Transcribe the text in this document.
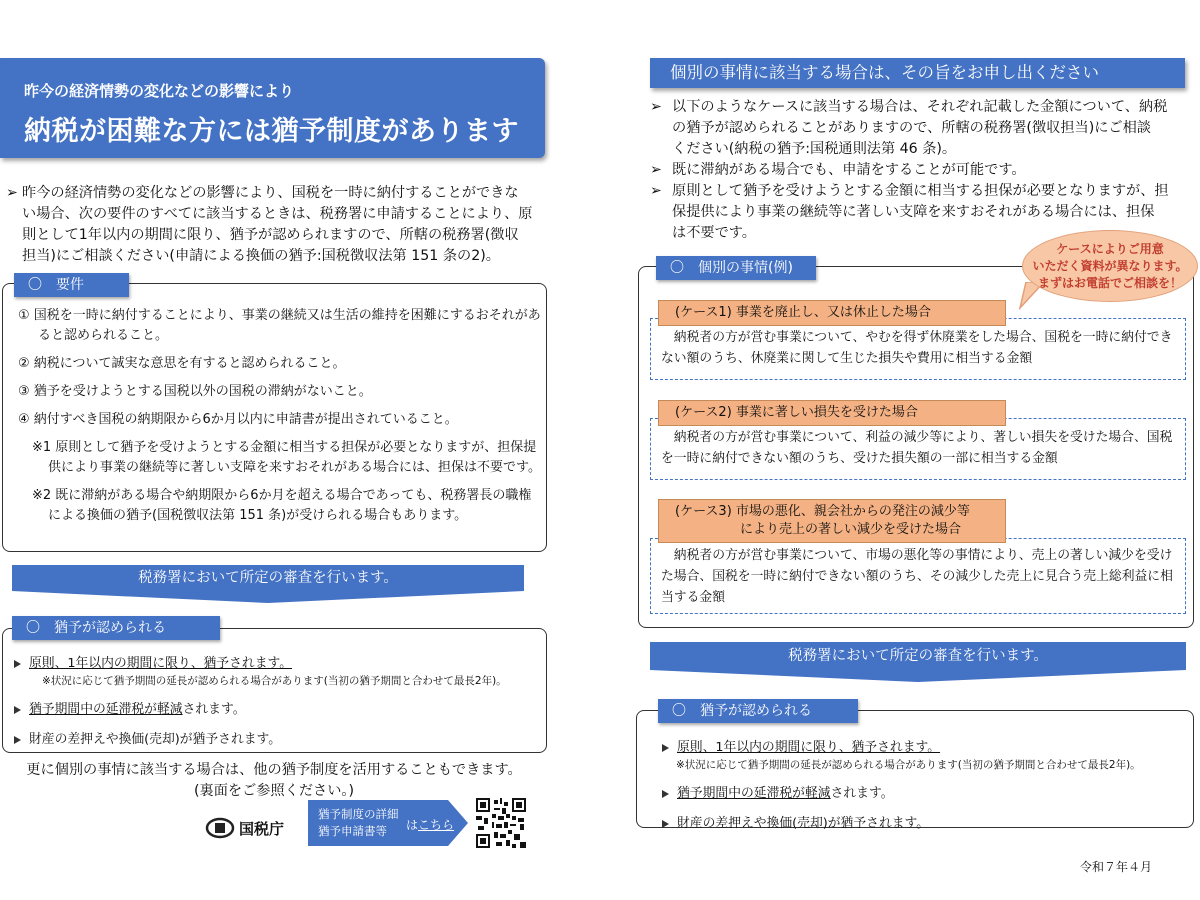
昨今の経済情勢の変化などの影響により
納税が困難な方には猶予制度があります
➢ 昨今の経済情勢の変化などの影響により、国税を一時に納付することができな
い場合、次の要件のすべてに該当するときは、税務署に申請することにより、原
則として1年以内の期間に限り、猶予が認められますので、所轄の税務署(徴収
担当)にご相談ください(申請による換価の猶予:国税徴収法第 151 条の2)。
〇　要件
① 国税を一時に納付することにより、事業の継続又は生活の維持を困難にするおそれがあ
ると認められること。
② 納税について誠実な意思を有すると認められること。
③ 猶予を受けようとする国税以外の国税の滞納がないこと。
④ 納付すべき国税の納期限から6か月以内に申請書が提出されていること。
※1 原則として猶予を受けようとする金額に相当する担保が必要となりますが、担保提
供により事業の継続等に著しい支障を来すおそれがある場合には、担保は不要です。
※2 既に滞納がある場合や納期限から6か月を超える場合であっても、税務署長の職権
による換価の猶予(国税徴収法第 151 条)が受けられる場合もあります。
税務署において所定の審査を行います。
〇　猶予が認められると・・・
原則、1年以内の期間に限り、猶予されます。
※状況に応じて猶予期間の延長が認められる場合があります(当初の猶予期間と合わせて最長2年)。
猶予期間中の延滞税が軽減されます。
財産の差押えや換価(売却)が猶予されます。
更に個別の事情に該当する場合は、他の猶予制度を活用することもできます。
(裏面をご参照ください。)
国税庁
猶予制度の詳細
猶予申請書等	はこちら
個別の事情に該当する場合は、その旨をお申し出ください
➢ 以下のようなケースに該当する場合は、それぞれ記載した金額について、納税
の猶予が認められることがありますので、所轄の税務署(徴収担当)にご相談
ください(納税の猶予:国税通則法第 46 条)。
➢ 既に滞納がある場合でも、申請をすることが可能です。
➢ 原則として猶予を受けようとする金額に相当する担保が必要となりますが、担
保提供により事業の継続等に著しい支障を来すおそれがある場合には、担保
は不要です。
〇　個別の事情(例)
ケースによりご用意
いただく資料が異なります。
まずはお電話でご相談を！
　納税者の方が営む事業について、やむを得ず休廃業をした場合、国税を一時に納付でき
ない額のうち、休廃業に関して生じた損失や費用に相当する金額
(ケース1) 事業を廃止し、又は休止した場合
　納税者の方が営む事業について、利益の減少等により、著しい損失を受けた場合、国税
を一時に納付できない額のうち、受けた損失額の一部に相当する金額
(ケース2) 事業に著しい損失を受けた場合
　納税者の方が営む事業について、市場の悪化等の事情により、売上の著しい減少を受け
た場合、国税を一時に納付できない額のうち、その減少した売上に見合う売上総利益に相
当する金額
(ケース3) 市場の悪化、親会社からの発注の減少等
　　　　　により売上の著しい減少を受けた場合
税務署において所定の審査を行います。
〇　猶予が認められると・・・
原則、1年以内の期間に限り、猶予されます。
※状況に応じて猶予期間の延長が認められる場合があります(当初の猶予期間と合わせて最長2年)。
猶予期間中の延滞税が軽減されます。
財産の差押えや換価(売却)が猶予されます。
令和７年４月
